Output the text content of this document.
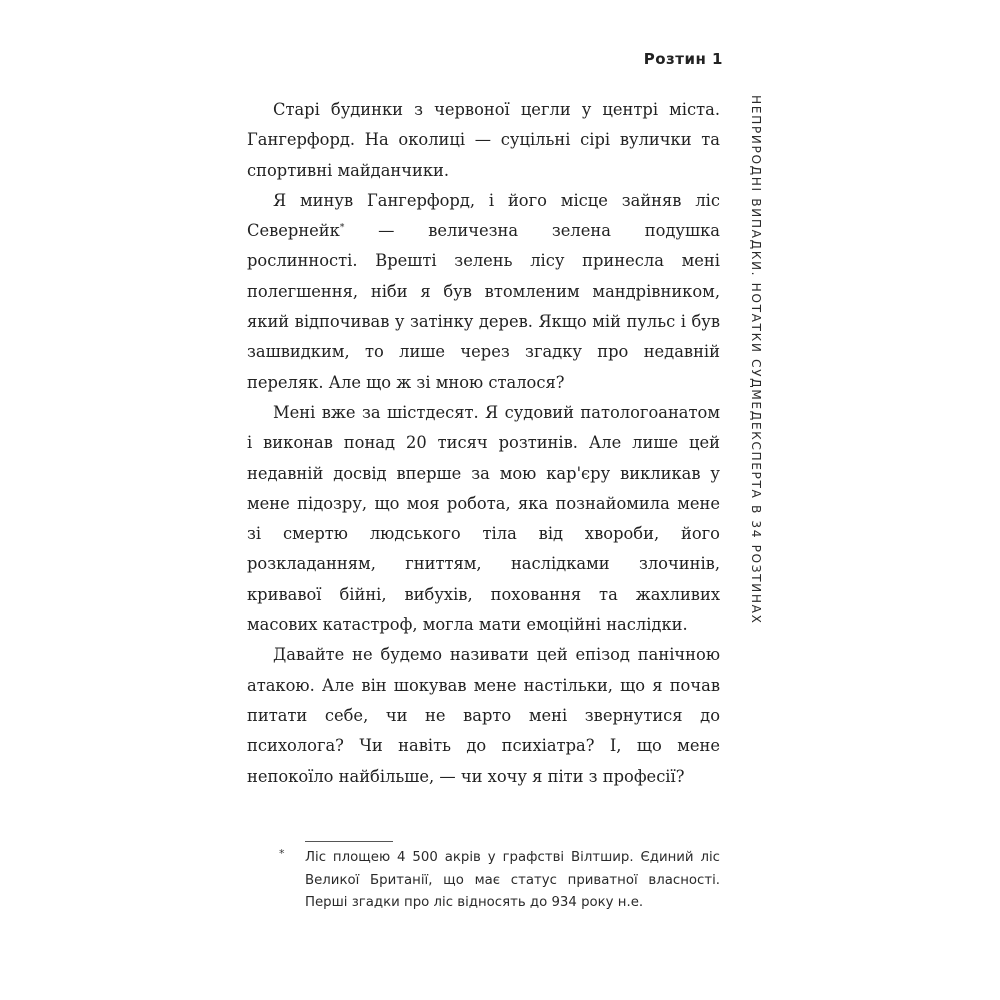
Розтин 1
НЕПРИРОДНІ ВИПАДКИ. НОТАТКИ СУДМЕДЕКСПЕРТА В 34 РОЗТИНАХ

Старі будинки з червоної цегли у центрі міста. Гангерфорд. На околиці — суцільні сірі вулички та спортивні майданчики.

Я минув Гангерфорд, і його місце зайняв ліс Севернейк* — величезна зелена подушка рослинності. Врешті зелень лісу принесла мені полегшення, ніби я був втомленим мандрівником, який відпочивав у затінку дерев. Якщо мій пульс і був зашвидким, то лише через згадку про недавній переляк. Але що ж зі мною сталося?

Мені вже за шістдесят. Я судовий патологоанатом і виконав понад 20 тисяч розтинів. Але лише цей недавній досвід вперше за мою кар'єру викликав у мене підозру, що моя робота, яка познайомила мене зі смертю людського тіла від хвороби, його розкладанням, гниттям, наслідками злочинів, кривавої бійні, вибухів, поховання та жахливих масових катастроф, могла мати емоційні наслідки.

Давайте не будемо називати цей епізод панічною атакою. Але він шокував мене настільки, що я почав питати себе, чи не варто мені звернутися до психолога? Чи навіть до психіатра? І, що мене непокоїло найбільше, — чи хочу я піти з професії?

* Ліс площею 4 500 акрів у графстві Вілтшир. Єдиний ліс Великої Британії, що має статус приватної власності. Перші згадки про ліс відносять до 934 року н.е.
